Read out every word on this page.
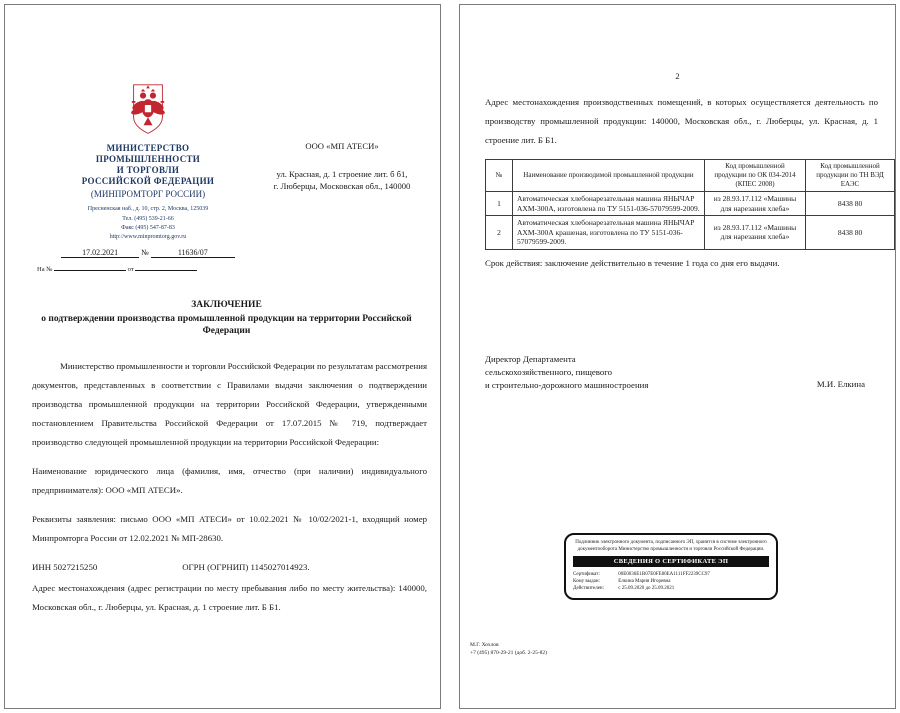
МИНИСТЕРСТВО
ПРОМЫШЛЕННОСТИ
И ТОРГОВЛИ
РОССИЙСКОЙ ФЕДЕРАЦИИ
(МИНПРОМТОРГ РОССИИ)
Пресненская наб., д. 10, стр. 2, Москва, 125039
Тел. (495) 539-21-66
Факс (495) 547-87-83
http://www.minpromtorg.gov.ru
17.02.2021	№	11636/07
На №	от
ООО «МП АТЕСИ»
ул. Красная, д. 1 строение лит. б б1,
г. Люберцы, Московская обл., 140000
ЗАКЛЮЧЕНИЕ
о подтверждении производства промышленной продукции на территории Российской Федерации

Министерство промышленности и торговли Российской Федерации по результатам рассмотрения документов, представленных в соответствии с Правилами выдачи заключения о подтверждении производства промышленной продукции на территории Российской Федерации, утвержденными постановлением Правительства Российской Федерации от 17.07.2015 № 719, подтверждает производство следующей промышленной продукции на территории Российской Федерации:

Наименование юридического лица (фамилия, имя, отчество (при наличии) индивидуального предпринимателя): ООО «МП АТЕСИ».

Реквизиты заявления: письмо ООО «МП АТЕСИ» от 10.02.2021 № 10/02/2021-1, входящий номер Минпромторга России от 12.02.2021 № МП-28630.

ИНН 5027215250	ОГРН (ОГРНИП) 1145027014923.

Адрес местонахождения (адрес регистрации по месту пребывания либо по месту жительства): 140000, Московская обл., г. Люберцы, ул. Красная, д. 1 строение лит. Б Б1.

2

Адрес местонахождения производственных помещений, в которых осуществляется деятельность по производству промышленной продукции: 140000, Московская обл., г. Люберцы, ул. Красная, д. 1 строение лит. Б Б1.

№	Наименование производимой промышленной продукции	Код промышленной продукции по ОК 034-2014 (КПЕС 2008)	Код промышленной продукции по ТН ВЭД ЕАЭС

1	Автоматическая хлебонарезательная машина ЯНЫЧАР АХМ-300А, изготовлена по ТУ 5151-036-57079599-2009.	из 28.93.17.112 «Машины для нарезания хлеба»	8438 80
2	Автоматическая хлебонарезательная машина ЯНЫЧАР АХМ-300А крашеная, изготовлена по ТУ 5151-036-57079599-2009.	из 28.93.17.112 «Машины для нарезания хлеба»	8438 80
Срок действия: заключение действительно в течение 1 года со дня его выдачи.
Директор Департамента
сельскохозяйственного, пищевого
и строительно-дорожного машиностроения	М.И. Елкина
Подлинник электронного документа, подписанного ЭП, хранится в системе электронного документооборота Министерство промышленности и торговли Российской Федерации.
СВЕДЕНИЯ О СЕРТИФИКАТЕ ЭП
Сертификат:	00E0036E1B07E0FE80EA1111FF2239CC97
Кому выдан:	Елкина Мария Игоревна
Действителен:	с 25.09.2020 до 25.09.2021
М.Г. Хохлов
+7 (495) 870-29-21 (доб. 2-25-82)
